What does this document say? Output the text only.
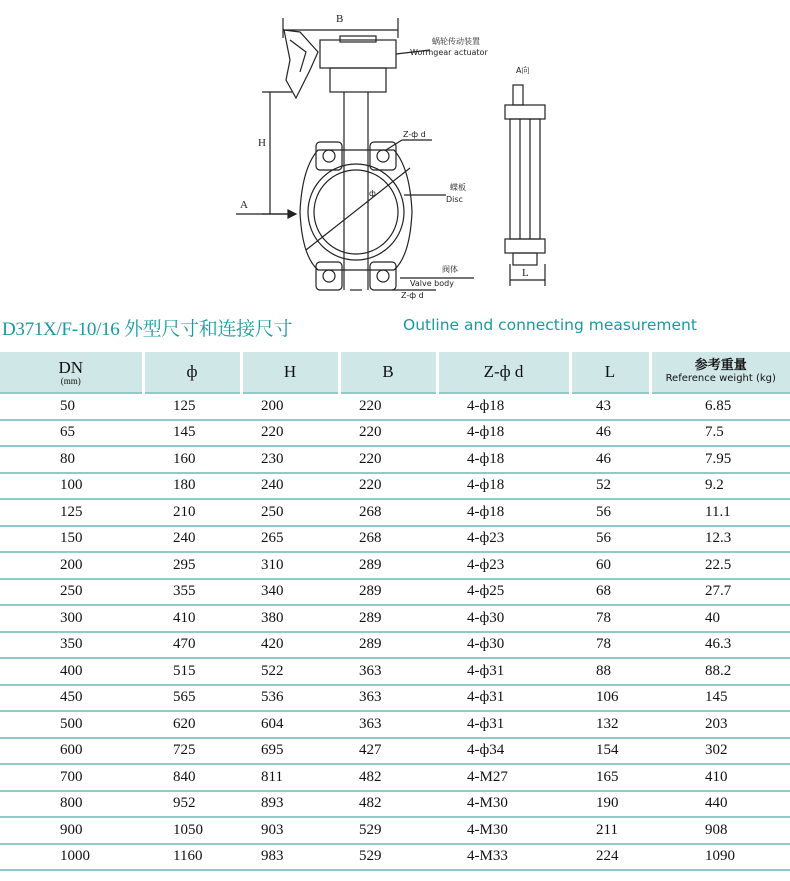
B
H
A
ф
蜗轮传动装置
Wormgear actuator
Z-ф d
蝶板
Disc
阀体
Valve body
Z-ф d
A向
L
D371X/F-10/16 外型尺寸和连接尺寸	Outline and connecting measurement
DN
(mm)	ф	H	B	Z-ф d	L	参考重量
Reference weight (kg)

50	125	200	220	4-ф18	43	6.85
65	145	220	220	4-ф18	46	7.5
80	160	230	220	4-ф18	46	7.95
100	180	240	220	4-ф18	52	9.2
125	210	250	268	4-ф18	56	11.1
150	240	265	268	4-ф23	56	12.3
200	295	310	289	4-ф23	60	22.5
250	355	340	289	4-ф25	68	27.7
300	410	380	289	4-ф30	78	40
350	470	420	289	4-ф30	78	46.3
400	515	522	363	4-ф31	88	88.2
450	565	536	363	4-ф31	106	145
500	620	604	363	4-ф31	132	203
600	725	695	427	4-ф34	154	302
700	840	811	482	4-M27	165	410
800	952	893	482	4-M30	190	440
900	1050	903	529	4-M30	211	908
1000	1160	983	529	4-M33	224	1090
